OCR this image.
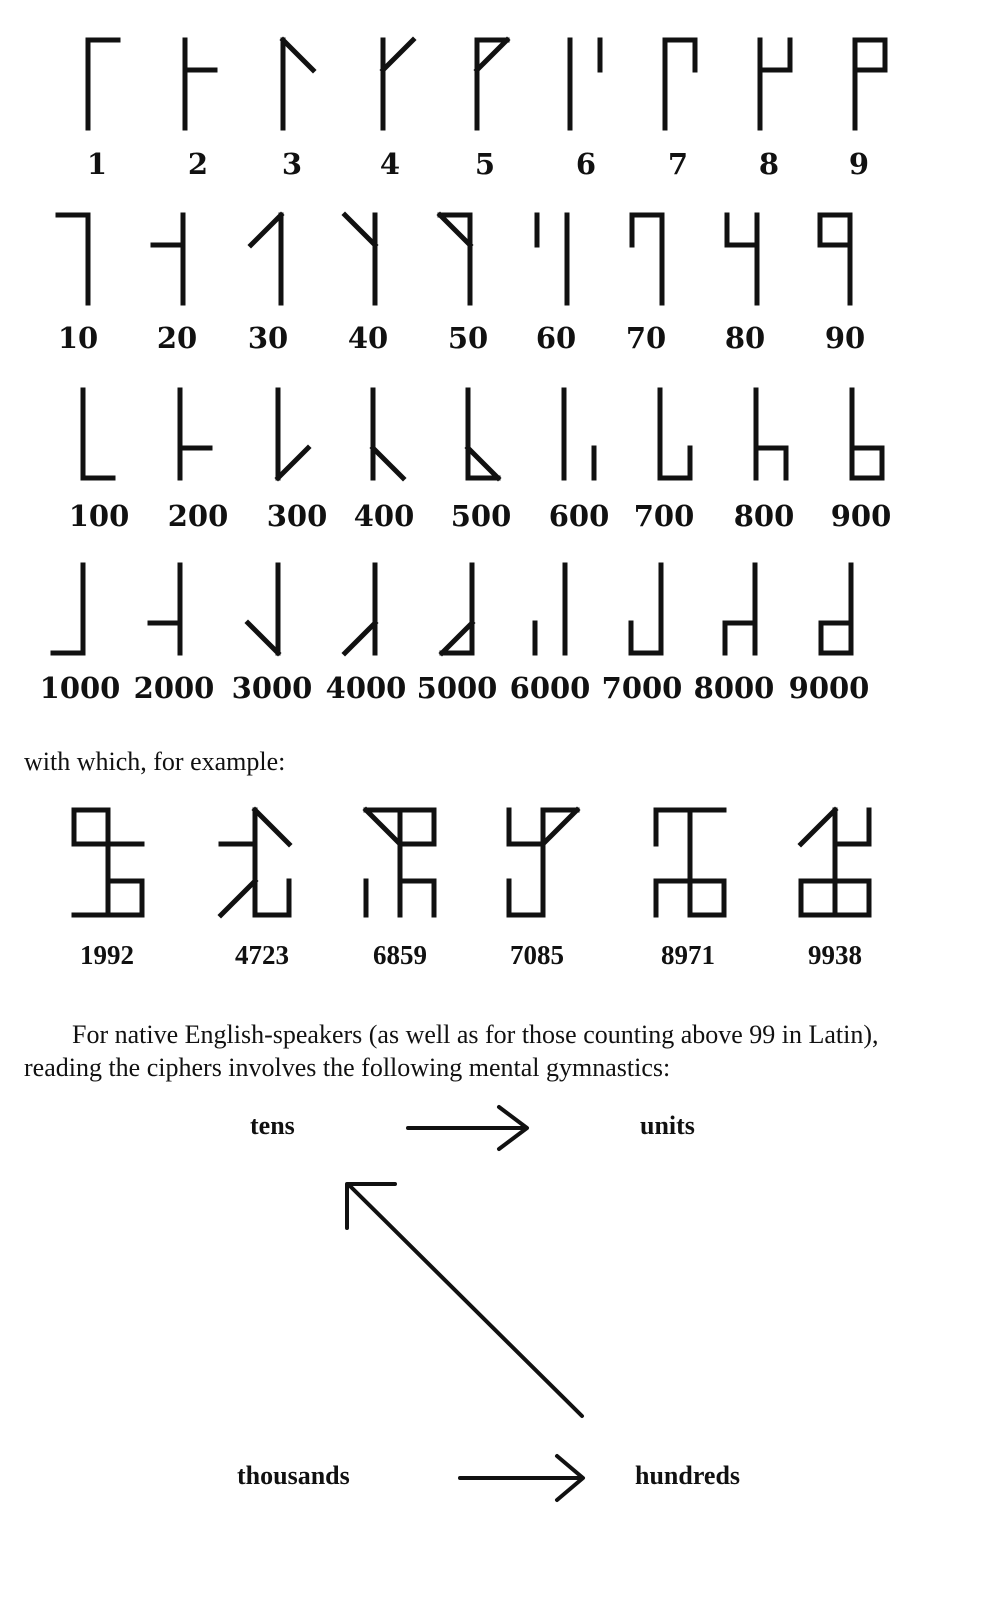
1	2	3	4	5	6	7	8	9
10	20	30	40	50	60	70	80	90
100	200	300 400	500	600 700	800	900
1000 2000 3000 4000 5000 6000 7000 8000 9000
with which, for example:
1992	4723	6859	7085	8971	9938
For native English-speakers (as well as for those counting above 99 in Latin),
reading the ciphers involves the following mental gymnastics:
tens	units
thousands	hundreds
